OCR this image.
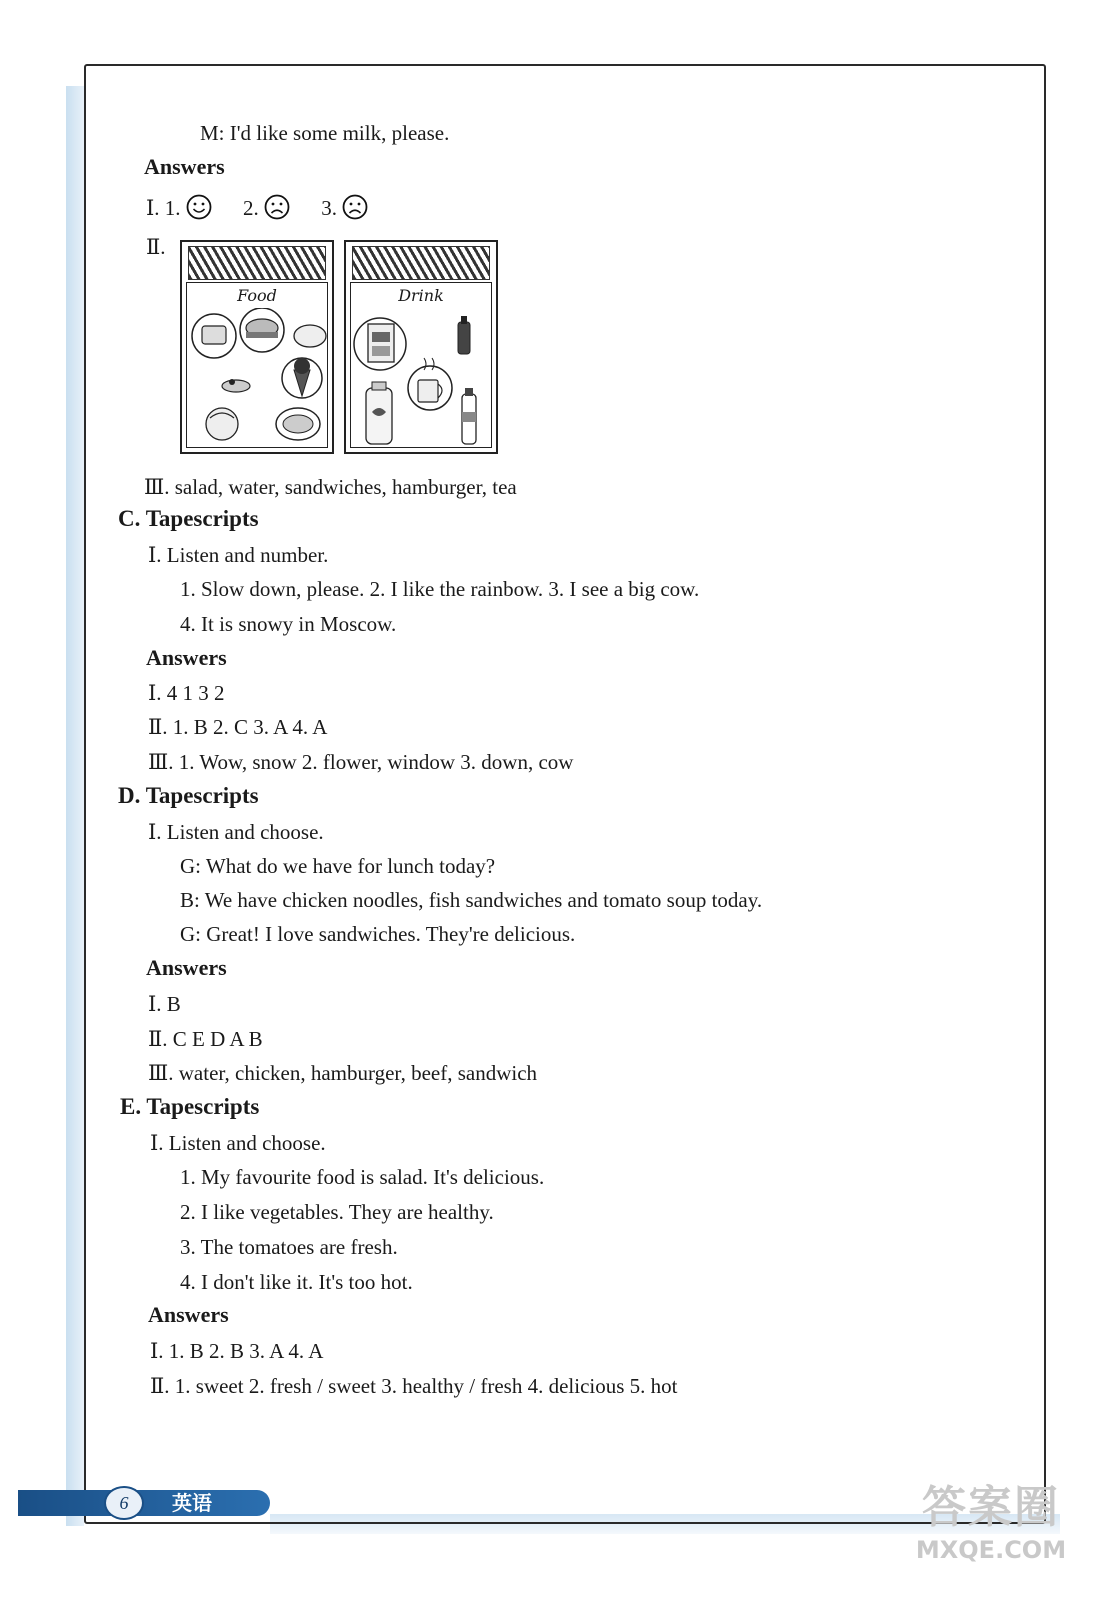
M: I'd like some milk, please.
Answers
Ⅰ. 1.	2.	3.
Ⅱ.
Food	Drink
Ⅲ. salad, water, sandwiches, hamburger, tea
C. Tapescripts
Ⅰ. Listen and number.
1. Slow down, please. 2. I like the rainbow. 3. I see a big cow.
4. It is snowy in Moscow.
Answers
Ⅰ. 4 1 3 2
Ⅱ. 1. B 2. C 3. A 4. A
Ⅲ. 1. Wow, snow 2. flower, window 3. down, cow
D. Tapescripts
Ⅰ. Listen and choose.
G: What do we have for lunch today?
B: We have chicken noodles, fish sandwiches and tomato soup today.
G: Great! I love sandwiches. They're delicious.
Answers
Ⅰ. B
Ⅱ. C E D A B
Ⅲ. water, chicken, hamburger, beef, sandwich
E. Tapescripts
Ⅰ. Listen and choose.
1. My favourite food is salad. It's delicious.
2. I like vegetables. They are healthy.
3. The tomatoes are fresh.
4. I don't like it. It's too hot.
Answers
Ⅰ. 1. B 2. B 3. A 4. A
Ⅱ. 1. sweet 2. fresh / sweet 3. healthy / fresh 4. delicious 5. hot
6	英语	答案圈
MXQE.COM
